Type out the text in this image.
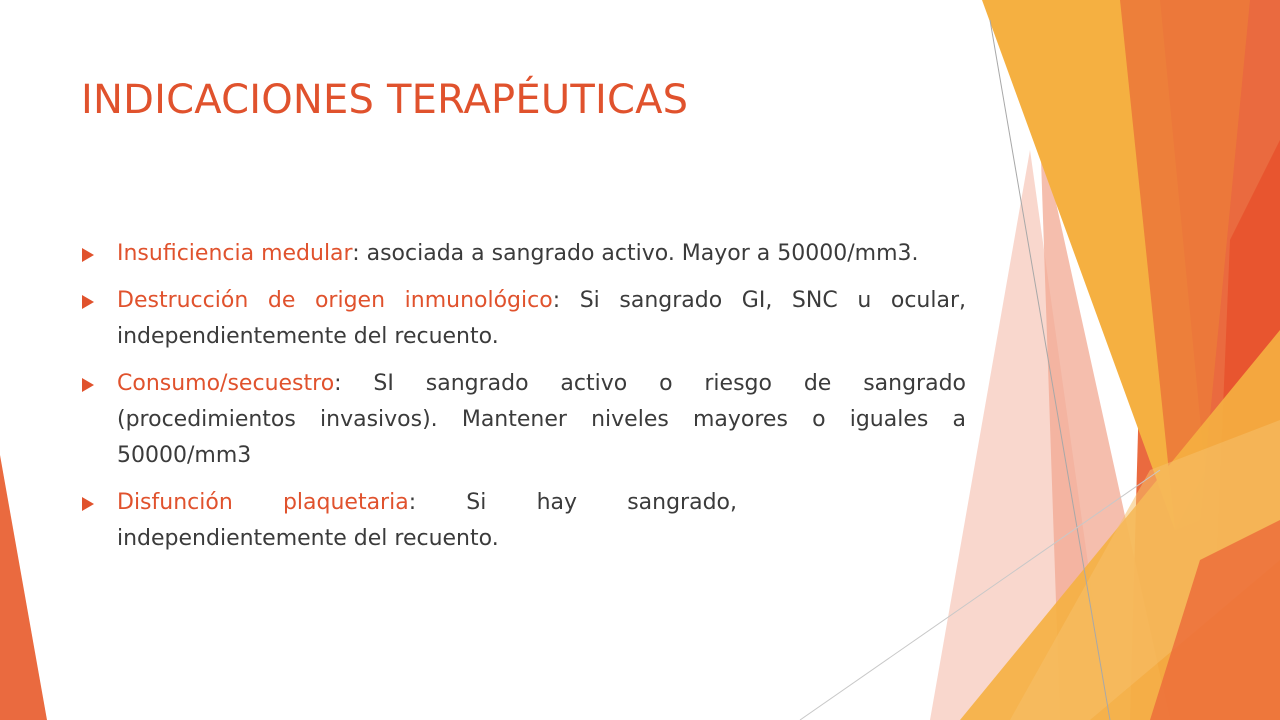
INDICACIONES TERAPÉUTICAS
Insuficiencia medular: asociada a sangrado activo. Mayor a 50000/mm3.
Destrucción de origen inmunológico: Si sangrado GI, SNC u ocular, independientemente del recuento.
Consumo/secuestro: SI sangrado activo o riesgo de sangrado (procedimientos invasivos). Mantener niveles mayores o iguales a 50000/mm3
Disfunción plaquetaria: Si hay sangrado, independientemente del recuento.
